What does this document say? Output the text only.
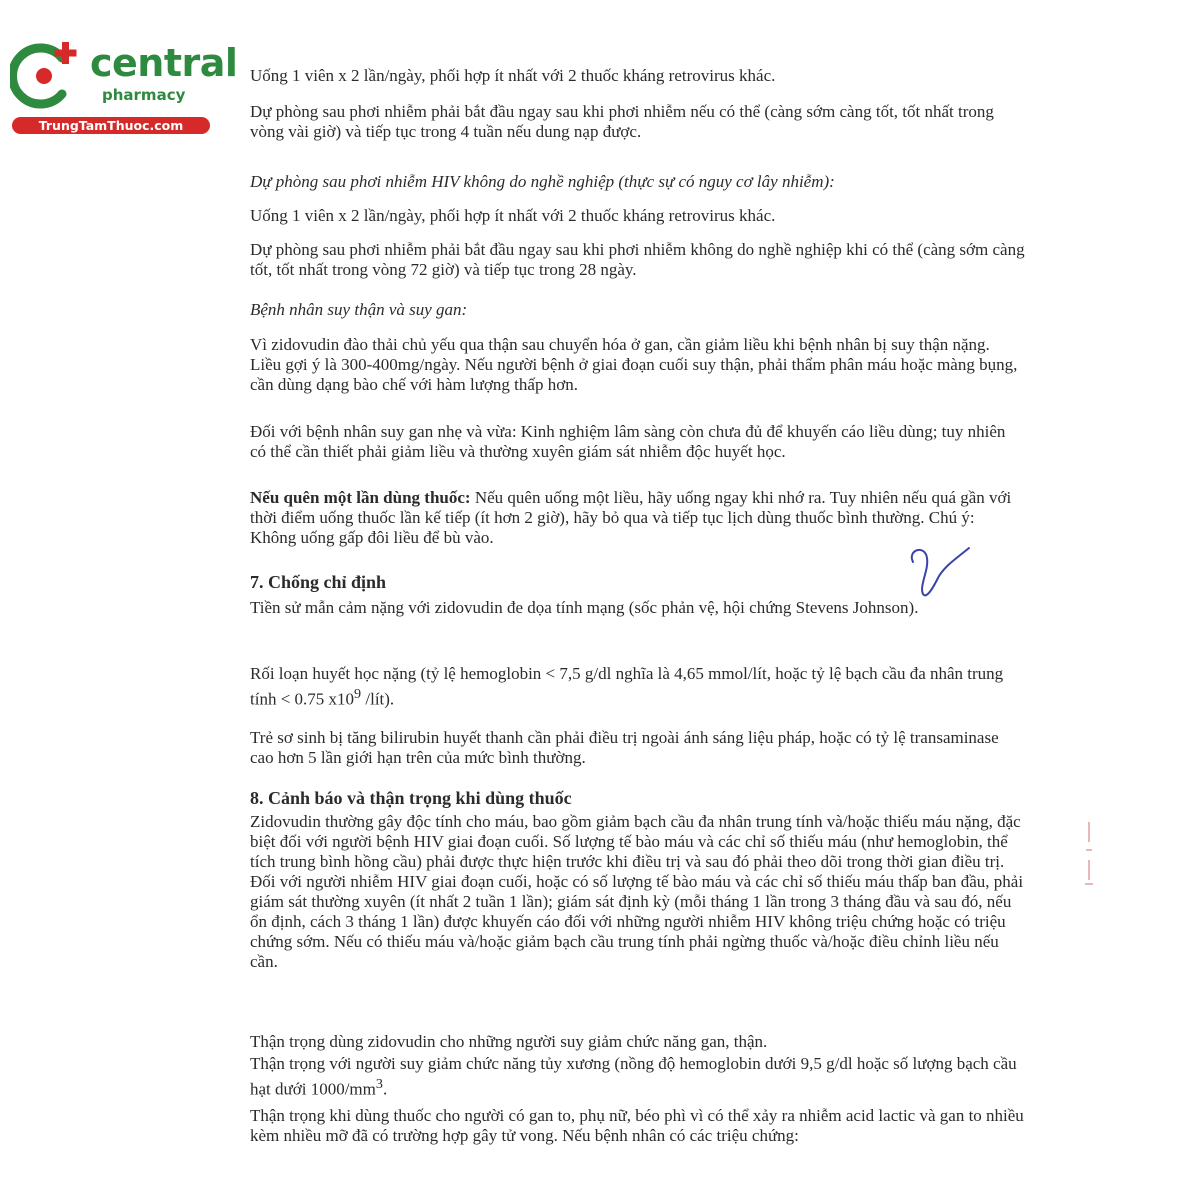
central
pharmacy
TrungTamThuoc.com

Uống 1 viên x 2 lần/ngày, phối hợp ít nhất với 2 thuốc kháng retrovirus khác.

Dự phòng sau phơi nhiễm phải bắt đầu ngay sau khi phơi nhiễm nếu có thể (càng sớm càng tốt, tốt nhất trong vòng vài giờ) và tiếp tục trong 4 tuần nếu dung nạp được.

Dự phòng sau phơi nhiễm HIV không do nghề nghiệp (thực sự có nguy cơ lây nhiễm):

Uống 1 viên x 2 lần/ngày, phối hợp ít nhất với 2 thuốc kháng retrovirus khác.

Dự phòng sau phơi nhiễm phải bắt đầu ngay sau khi phơi nhiễm không do nghề nghiệp khi có thể (càng sớm càng tốt, tốt nhất trong vòng 72 giờ) và tiếp tục trong 28 ngày.

Bệnh nhân suy thận và suy gan:

Vì zidovudin đào thải chủ yếu qua thận sau chuyển hóa ở gan, cần giảm liều khi bệnh nhân bị suy thận nặng. Liều gợi ý là 300-400mg/ngày. Nếu người bệnh ở giai đoạn cuối suy thận, phải thẩm phân máu hoặc màng bụng, cần dùng dạng bào chế với hàm lượng thấp hơn.

Đối với bệnh nhân suy gan nhẹ và vừa: Kinh nghiệm lâm sàng còn chưa đủ để khuyến cáo liều dùng; tuy nhiên có thể cần thiết phải giảm liều và thường xuyên giám sát nhiễm độc huyết học.

Nếu quên một lần dùng thuốc: Nếu quên uống một liều, hãy uống ngay khi nhớ ra. Tuy nhiên nếu quá gần với thời điểm uống thuốc lần kế tiếp (ít hơn 2 giờ), hãy bỏ qua và tiếp tục lịch dùng thuốc bình thường. Chú ý: Không uống gấp đôi liều để bù vào.

7. Chống chỉ định

Tiền sử mẫn cảm nặng với zidovudin đe dọa tính mạng (sốc phản vệ, hội chứng Stevens Johnson).

Rối loạn huyết học nặng (tỷ lệ hemoglobin < 7,5 g/dl nghĩa là 4,65 mmol/lít, hoặc tỷ lệ bạch cầu đa nhân trung tính < 0.75 $x10^9$ /lít).

Trẻ sơ sinh bị tăng bilirubin huyết thanh cần phải điều trị ngoài ánh sáng liệu pháp, hoặc có tỷ lệ transaminase cao hơn 5 lần giới hạn trên của mức bình thường.

8. Cảnh báo và thận trọng khi dùng thuốc

Zidovudin thường gây độc tính cho máu, bao gồm giảm bạch cầu đa nhân trung tính và/hoặc thiếu máu nặng, đặc biệt đối với người bệnh HIV giai đoạn cuối. Số lượng tế bào máu và các chỉ số thiếu máu (như hemoglobin, thể tích trung bình hồng cầu) phải được thực hiện trước khi điều trị và sau đó phải theo dõi trong thời gian điều trị. Đối với người nhiễm HIV giai đoạn cuối, hoặc có số lượng tế bào máu và các chỉ số thiếu máu thấp ban đầu, phải giám sát thường xuyên (ít nhất 2 tuần 1 lần); giám sát định kỳ (mỗi tháng 1 lần trong 3 tháng đầu và sau đó, nếu ổn định, cách 3 tháng 1 lần) được khuyến cáo đối với những người nhiễm HIV không triệu chứng hoặc có triệu chứng sớm. Nếu có thiếu máu và/hoặc giảm bạch cầu trung tính phải ngừng thuốc và/hoặc điều chỉnh liều nếu cần.

Thận trọng dùng zidovudin cho những người suy giảm chức năng gan, thận.

Thận trọng với người suy giảm chức năng tủy xương (nồng độ hemoglobin dưới 9,5 g/dl hoặc số lượng bạch cầu hạt dưới $1000/mm^3$.

Thận trọng khi dùng thuốc cho người có gan to, phụ nữ, béo phì vì có thể xảy ra nhiễm acid lactic và gan to nhiều kèm nhiều mỡ đã có trường hợp gây tử vong. Nếu bệnh nhân có các triệu chứng:
